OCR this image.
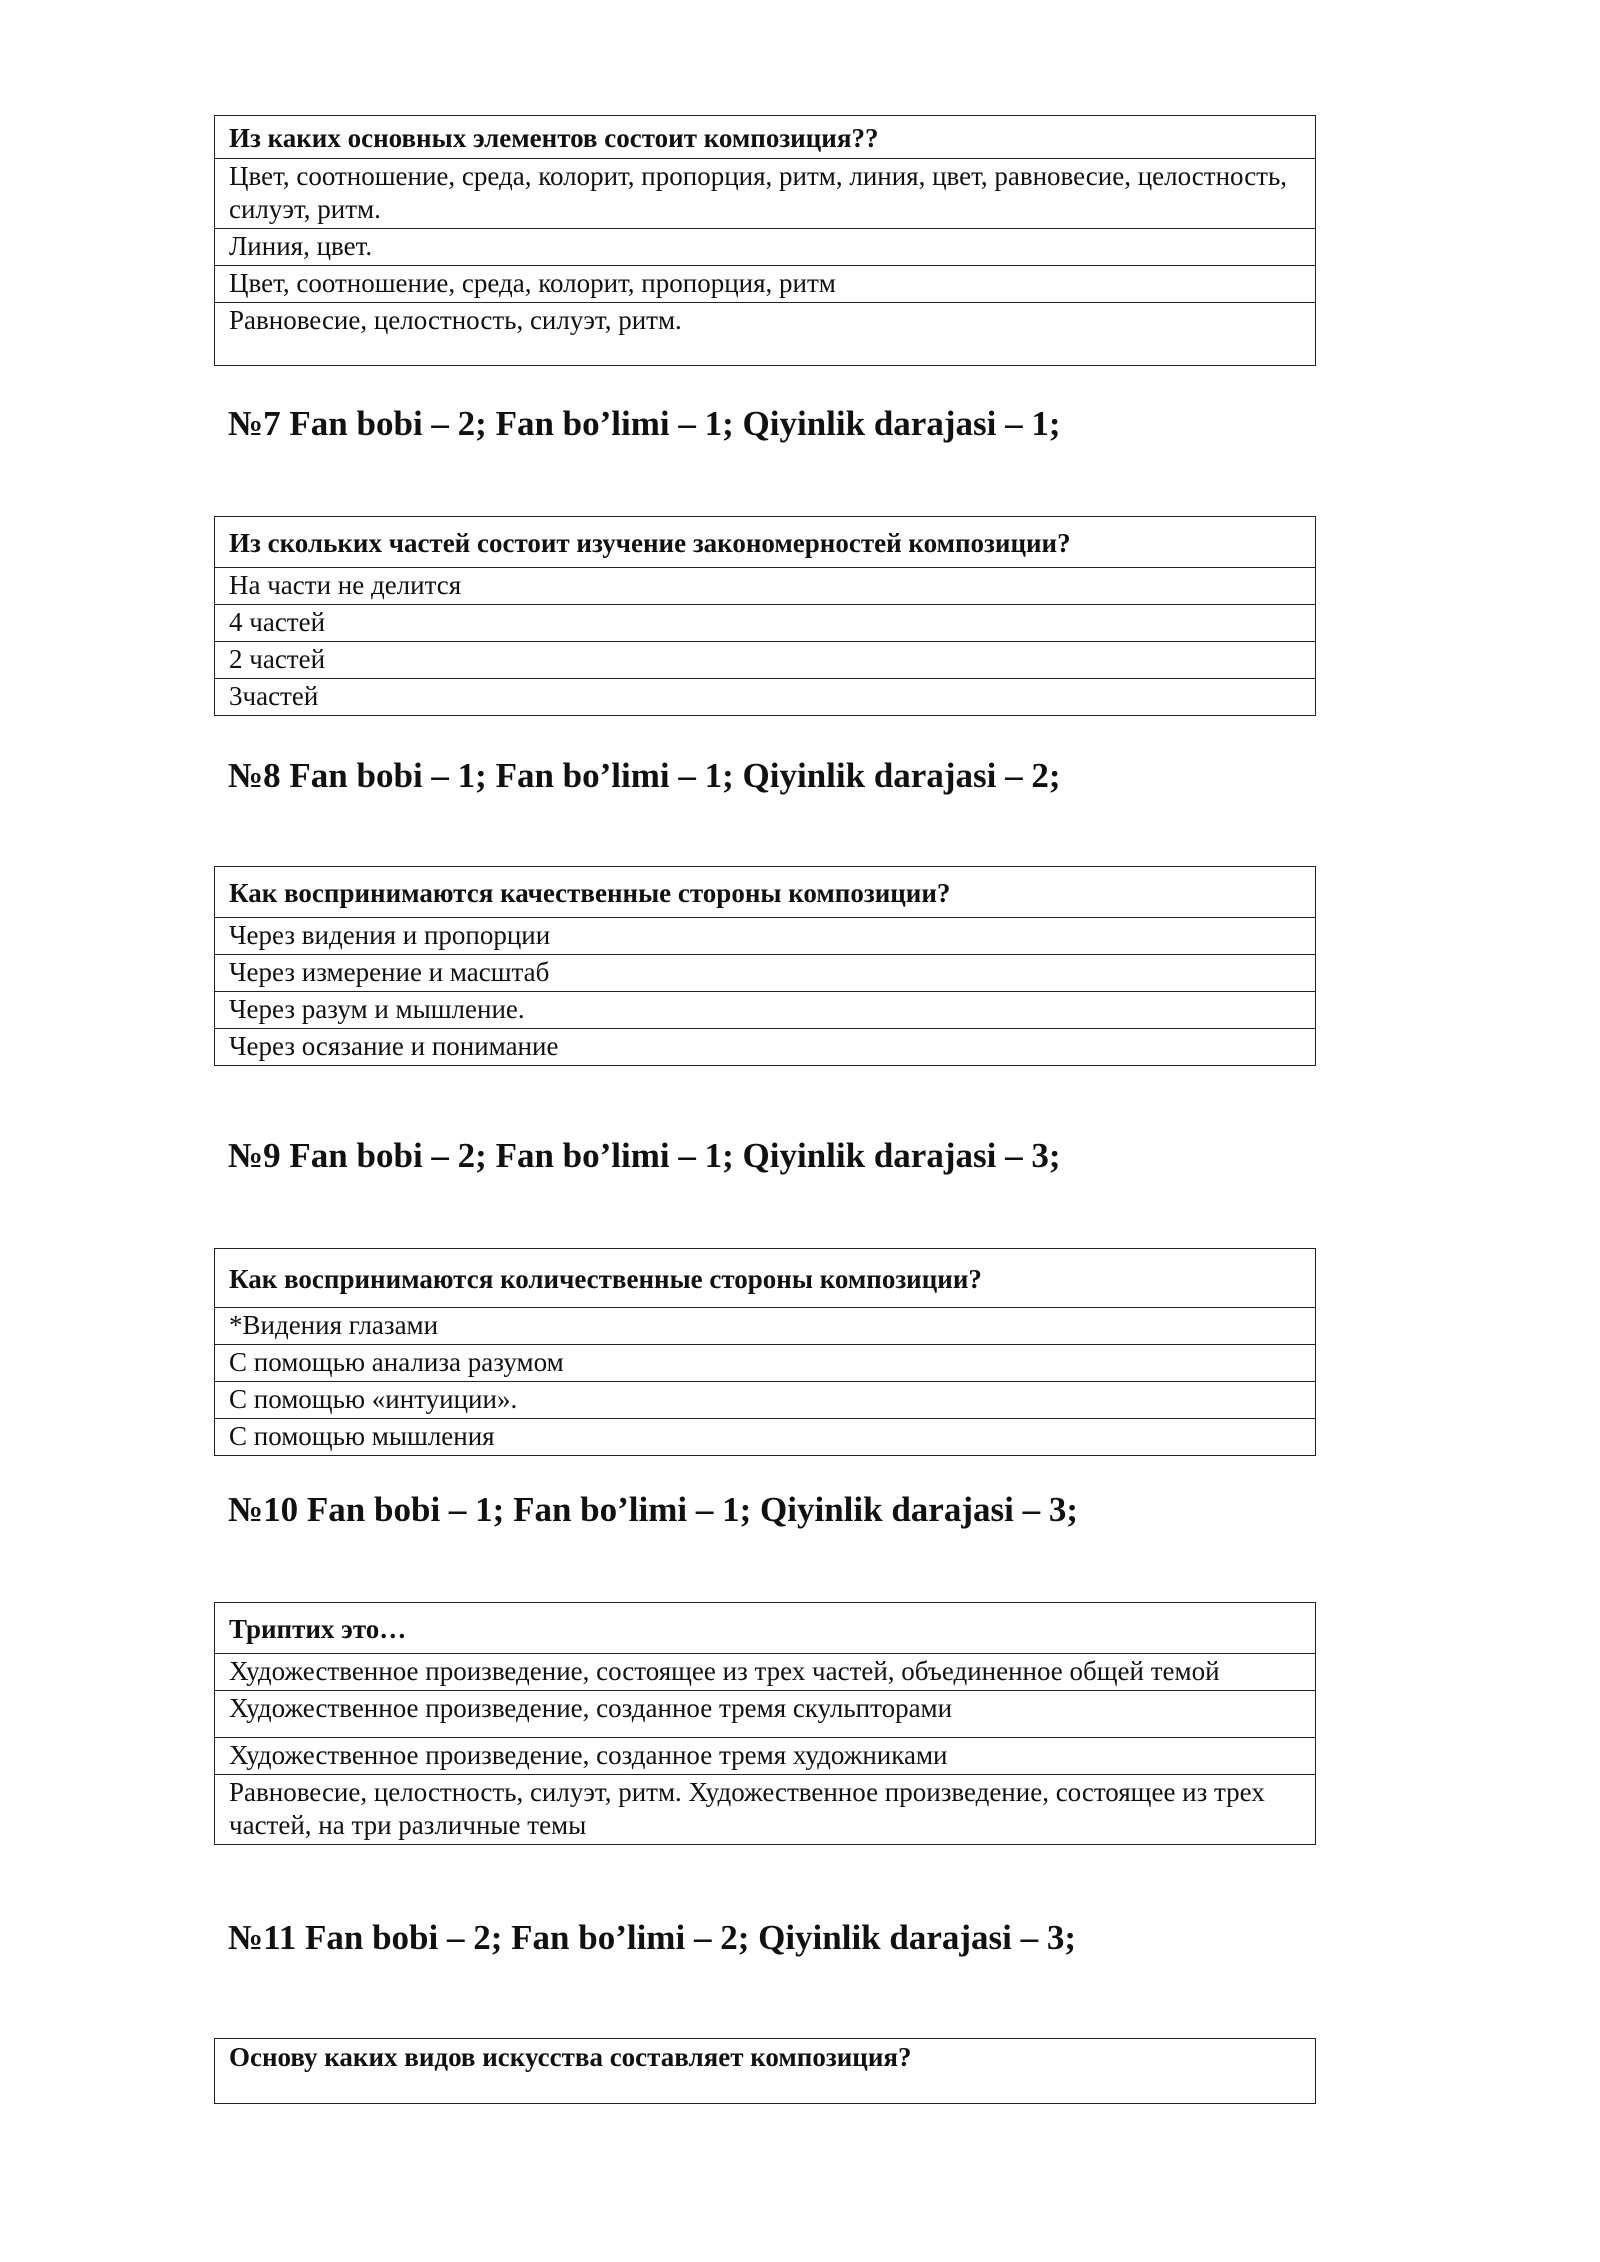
Из каких основных элементов состоит композиция??
Цвет, соотношение, среда, колорит, пропорция, ритм, линия, цвет, равновесие, целостность, силуэт, ритм.
Линия, цвет.
Цвет, соотношение, среда, колорит, пропорция, ритм
Равновесие, целостность, силуэт, ритм.
№7 Fan bobi – 2; Fan bo’limi – 1; Qiyinlik darajasi – 1;
Из скольких частей состоит изучение закономерностей композиции?
На части не делится
4 частей
2 частей
3частей
№8 Fan bobi – 1; Fan bo’limi – 1; Qiyinlik darajasi – 2;
Как воспринимаются качественные стороны композиции?
Через видения и пропорции
Через измерение и масштаб
Через разум и мышление.
Через осязание и понимание
№9 Fan bobi – 2; Fan bo’limi – 1; Qiyinlik darajasi – 3;
Как воспринимаются количественные стороны композиции?
*Видения глазами
С помощью анализа разумом
С помощью «интуиции».
С помощью мышления
№10 Fan bobi – 1; Fan bo’limi – 1; Qiyinlik darajasi – 3;
Триптих это…
Художественное произведение, состоящее из трех частей, объединенное общей темой
Художественное произведение, созданное тремя скульпторами
Художественное произведение, созданное тремя художниками
Равновесие, целостность, силуэт, ритм. Художественное произведение, состоящее из трех частей, на три различные темы
№11 Fan bobi – 2; Fan bo’limi – 2; Qiyinlik darajasi – 3;
Основу каких видов искусства составляет композиция?
